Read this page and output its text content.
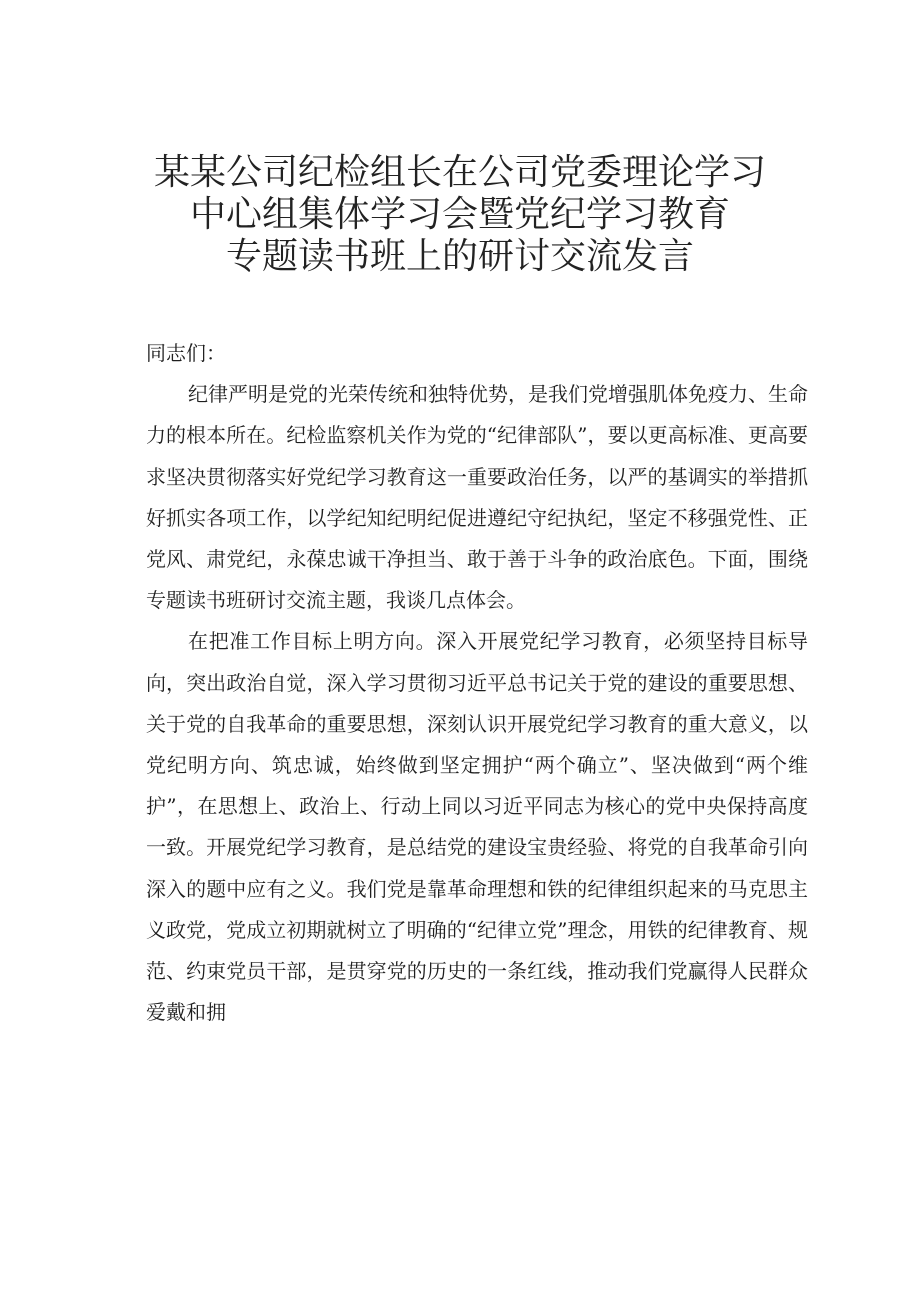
某某公司纪检组长在公司党委理论学习
中心组集体学习会暨党纪学习教育
专题读书班上的研讨交流发言

同志们：

纪律严明是党的光荣传统和独特优势，是我们党增强肌体免疫力、生命力的根本所在。纪检监察机关作为党的“纪律部队”，要以更高标准、更高要求坚决贯彻落实好党纪学习教育这一重要政治任务，以严的基调实的举措抓好抓实各项工作，以学纪知纪明纪促进遵纪守纪执纪，坚定不移强党性、正党风、肃党纪，永葆忠诚干净担当、敢于善于斗争的政治底色。下面，围绕专题读书班研讨交流主题，我谈几点体会。

在把准工作目标上明方向。深入开展党纪学习教育，必须坚持目标导向，突出政治自觉，深入学习贯彻习近平总书记关于党的建设的重要思想、关于党的自我革命的重要思想，深刻认识开展党纪学习教育的重大意义，以党纪明方向、筑忠诚，始终做到坚定拥护“两个确立”、坚决做到“两个维护”，在思想上、政治上、行动上同以习近平同志为核心的党中央保持高度一致。开展党纪学习教育，是总结党的建设宝贵经验、将党的自我革命引向深入的题中应有之义。我们党是靠革命理想和铁的纪律组织起来的马克思主义政党，党成立初期就树立了明确的“纪律立党”理念，用铁的纪律教育、规范、约束党员干部，是贯穿党的历史的一条红线，推动我们党赢得人民群众爱戴和拥
